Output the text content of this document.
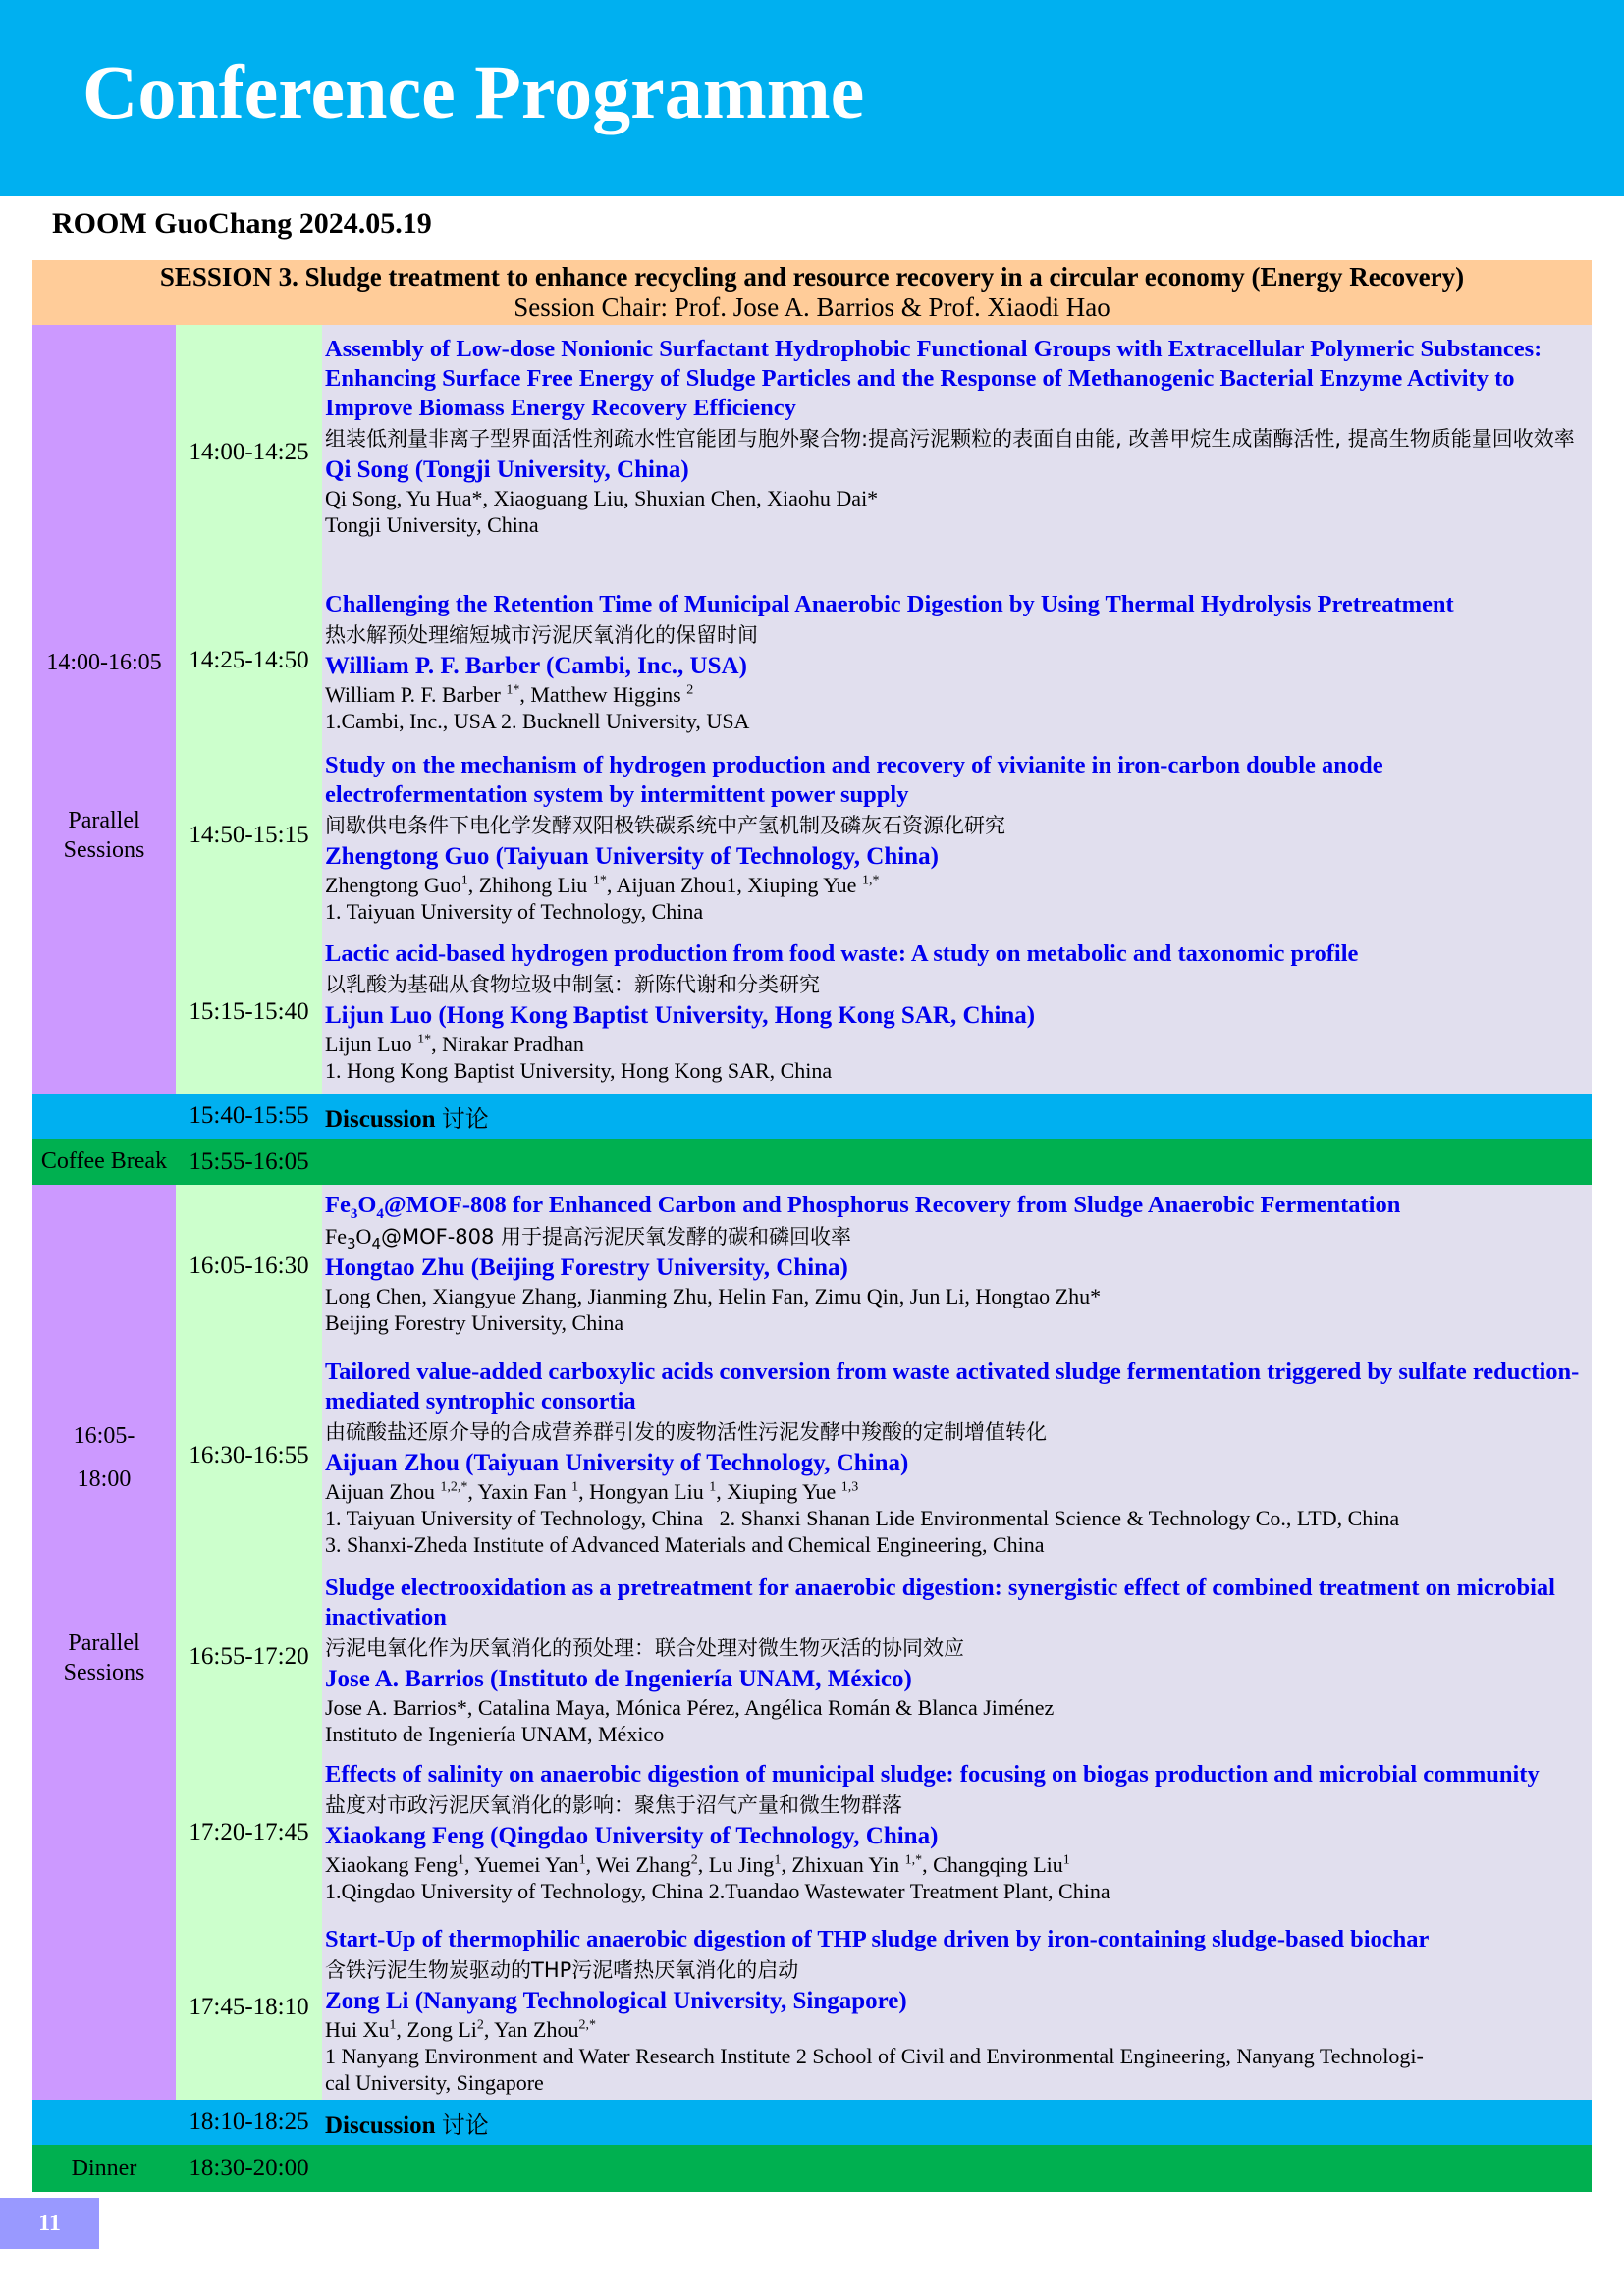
Conference Programme
ROOM GuoChang 2024.05.19
SESSION 3. Sludge treatment to enhance recycling and resource recovery in a circular economy (Energy Recovery)
Session Chair: Prof. Jose A. Barrios & Prof. Xiaodi Hao
14:00-16:05
Parallel
Sessions
14:00-14:25
14:25-14:50
14:50-15:15
15:15-15:40
Assembly of Low-dose Nonionic Surfactant Hydrophobic Functional Groups with Extracellular Polymeric Substances: Enhancing Surface Free Energy of Sludge Particles and the Response of Methanogenic Bacterial Enzyme Activity to Improve Biomass Energy Recovery Efficiency
组装低剂量非离子型界面活性剂疏水性官能团与胞外聚合物:提高污泥颗粒的表面自由能, 改善甲烷生成菌酶活性, 提高生物质能量回收效率
Qi Song (Tongji University, China)
Qi Song, Yu Hua*, Xiaoguang Liu, Shuxian Chen, Xiaohu Dai*
Tongji University, China
Challenging the Retention Time of Municipal Anaerobic Digestion by Using Thermal Hydrolysis Pretreatment
热水解预处理缩短城市污泥厌氧消化的保留时间
William P. F. Barber (Cambi, Inc., USA)
William P. F. Barber $^{1*}$, Matthew Higgins $^2$
1.Cambi, Inc., USA 2. Bucknell University, USA
Study on the mechanism of hydrogen production and recovery of vivianite in iron-carbon double anode electrofermentation system by intermittent power supply
间歇供电条件下电化学发酵双阳极铁碳系统中产氢机制及磷灰石资源化研究
Zhengtong Guo (Taiyuan University of Technology, China)
Zhengtong Guo$^1$, Zhihong Liu $^{1*}$, Aijuan Zhou1, Xiuping Yue $^{1,*}$
1. Taiyuan University of Technology, China
Lactic acid-based hydrogen production from food waste: A study on metabolic and taxonomic profile
以乳酸为基础从食物垃圾中制氢：新陈代谢和分类研究
Lijun Luo (Hong Kong Baptist University, Hong Kong SAR, China)
Lijun Luo $^{1*}$, Nirakar Pradhan
1. Hong Kong Baptist University, Hong Kong SAR, China
15:40-15:55 Discussion 讨论
Coffee Break 15:55-16:05
16:05-
18:00
Parallel
Sessions
16:05-16:30
16:30-16:55
16:55-17:20
17:20-17:45
17:45-18:10
$Fe_3O_4@MOF-808$ for Enhanced Carbon and Phosphorus Recovery from Sludge Anaerobic Fermentation
$Fe_3O_4@MOF-808$ 用于提高污泥厌氧发酵的碳和磷回收率
Hongtao Zhu (Beijing Forestry University, China)
Long Chen, Xiangyue Zhang, Jianming Zhu, Helin Fan, Zimu Qin, Jun Li, Hongtao Zhu*
Beijing Forestry University, China
Tailored value-added carboxylic acids conversion from waste activated sludge fermentation triggered by sulfate reduction-mediated syntrophic consortia
由硫酸盐还原介导的合成营养群引发的废物活性污泥发酵中羧酸的定制增值转化
Aijuan Zhou (Taiyuan University of Technology, China)
Aijuan Zhou $^{1,2,*}$, Yaxin Fan $^1$, Hongyan Liu $^1$, Xiuping Yue $^{1,3}$
1. Taiyuan University of Technology, China   2. Shanxi Shanan Lide Environmental Science & Technology Co., LTD, China
3. Shanxi-Zheda Institute of Advanced Materials and Chemical Engineering, China
Sludge electrooxidation as a pretreatment for anaerobic digestion: synergistic effect of combined treatment on microbial inactivation
污泥电氧化作为厌氧消化的预处理：联合处理对微生物灭活的协同效应
Jose A. Barrios (Instituto de Ingeniería UNAM, México)
Jose A. Barrios*, Catalina Maya, Mónica Pérez, Angélica Román & Blanca Jiménez
Instituto de Ingeniería UNAM, México
Effects of salinity on anaerobic digestion of municipal sludge: focusing on biogas production and microbial community
盐度对市政污泥厌氧消化的影响：聚焦于沼气产量和微生物群落
Xiaokang Feng (Qingdao University of Technology, China)
Xiaokang Feng$^1$, Yuemei Yan$^1$, Wei Zhang$^2$, Lu Jing$^1$, Zhixuan Yin $^{1,*}$, Changqing Liu$^1$
1.Qingdao University of Technology, China 2.Tuandao Wastewater Treatment Plant, China
Start-Up of thermophilic anaerobic digestion of THP sludge driven by iron-containing sludge-based biochar
含铁污泥生物炭驱动的THP污泥嗜热厌氧消化的启动
Zong Li (Nanyang Technological University, Singapore)
Hui Xu$^1$, Zong Li$^2$, Yan Zhou$^{2,*}$
1 Nanyang Environment and Water Research Institute 2 School of Civil and Environmental Engineering, Nanyang Technologi-
cal University, Singapore
18:10-18:25 Discussion 讨论
Dinner	18:30-20:00
11
